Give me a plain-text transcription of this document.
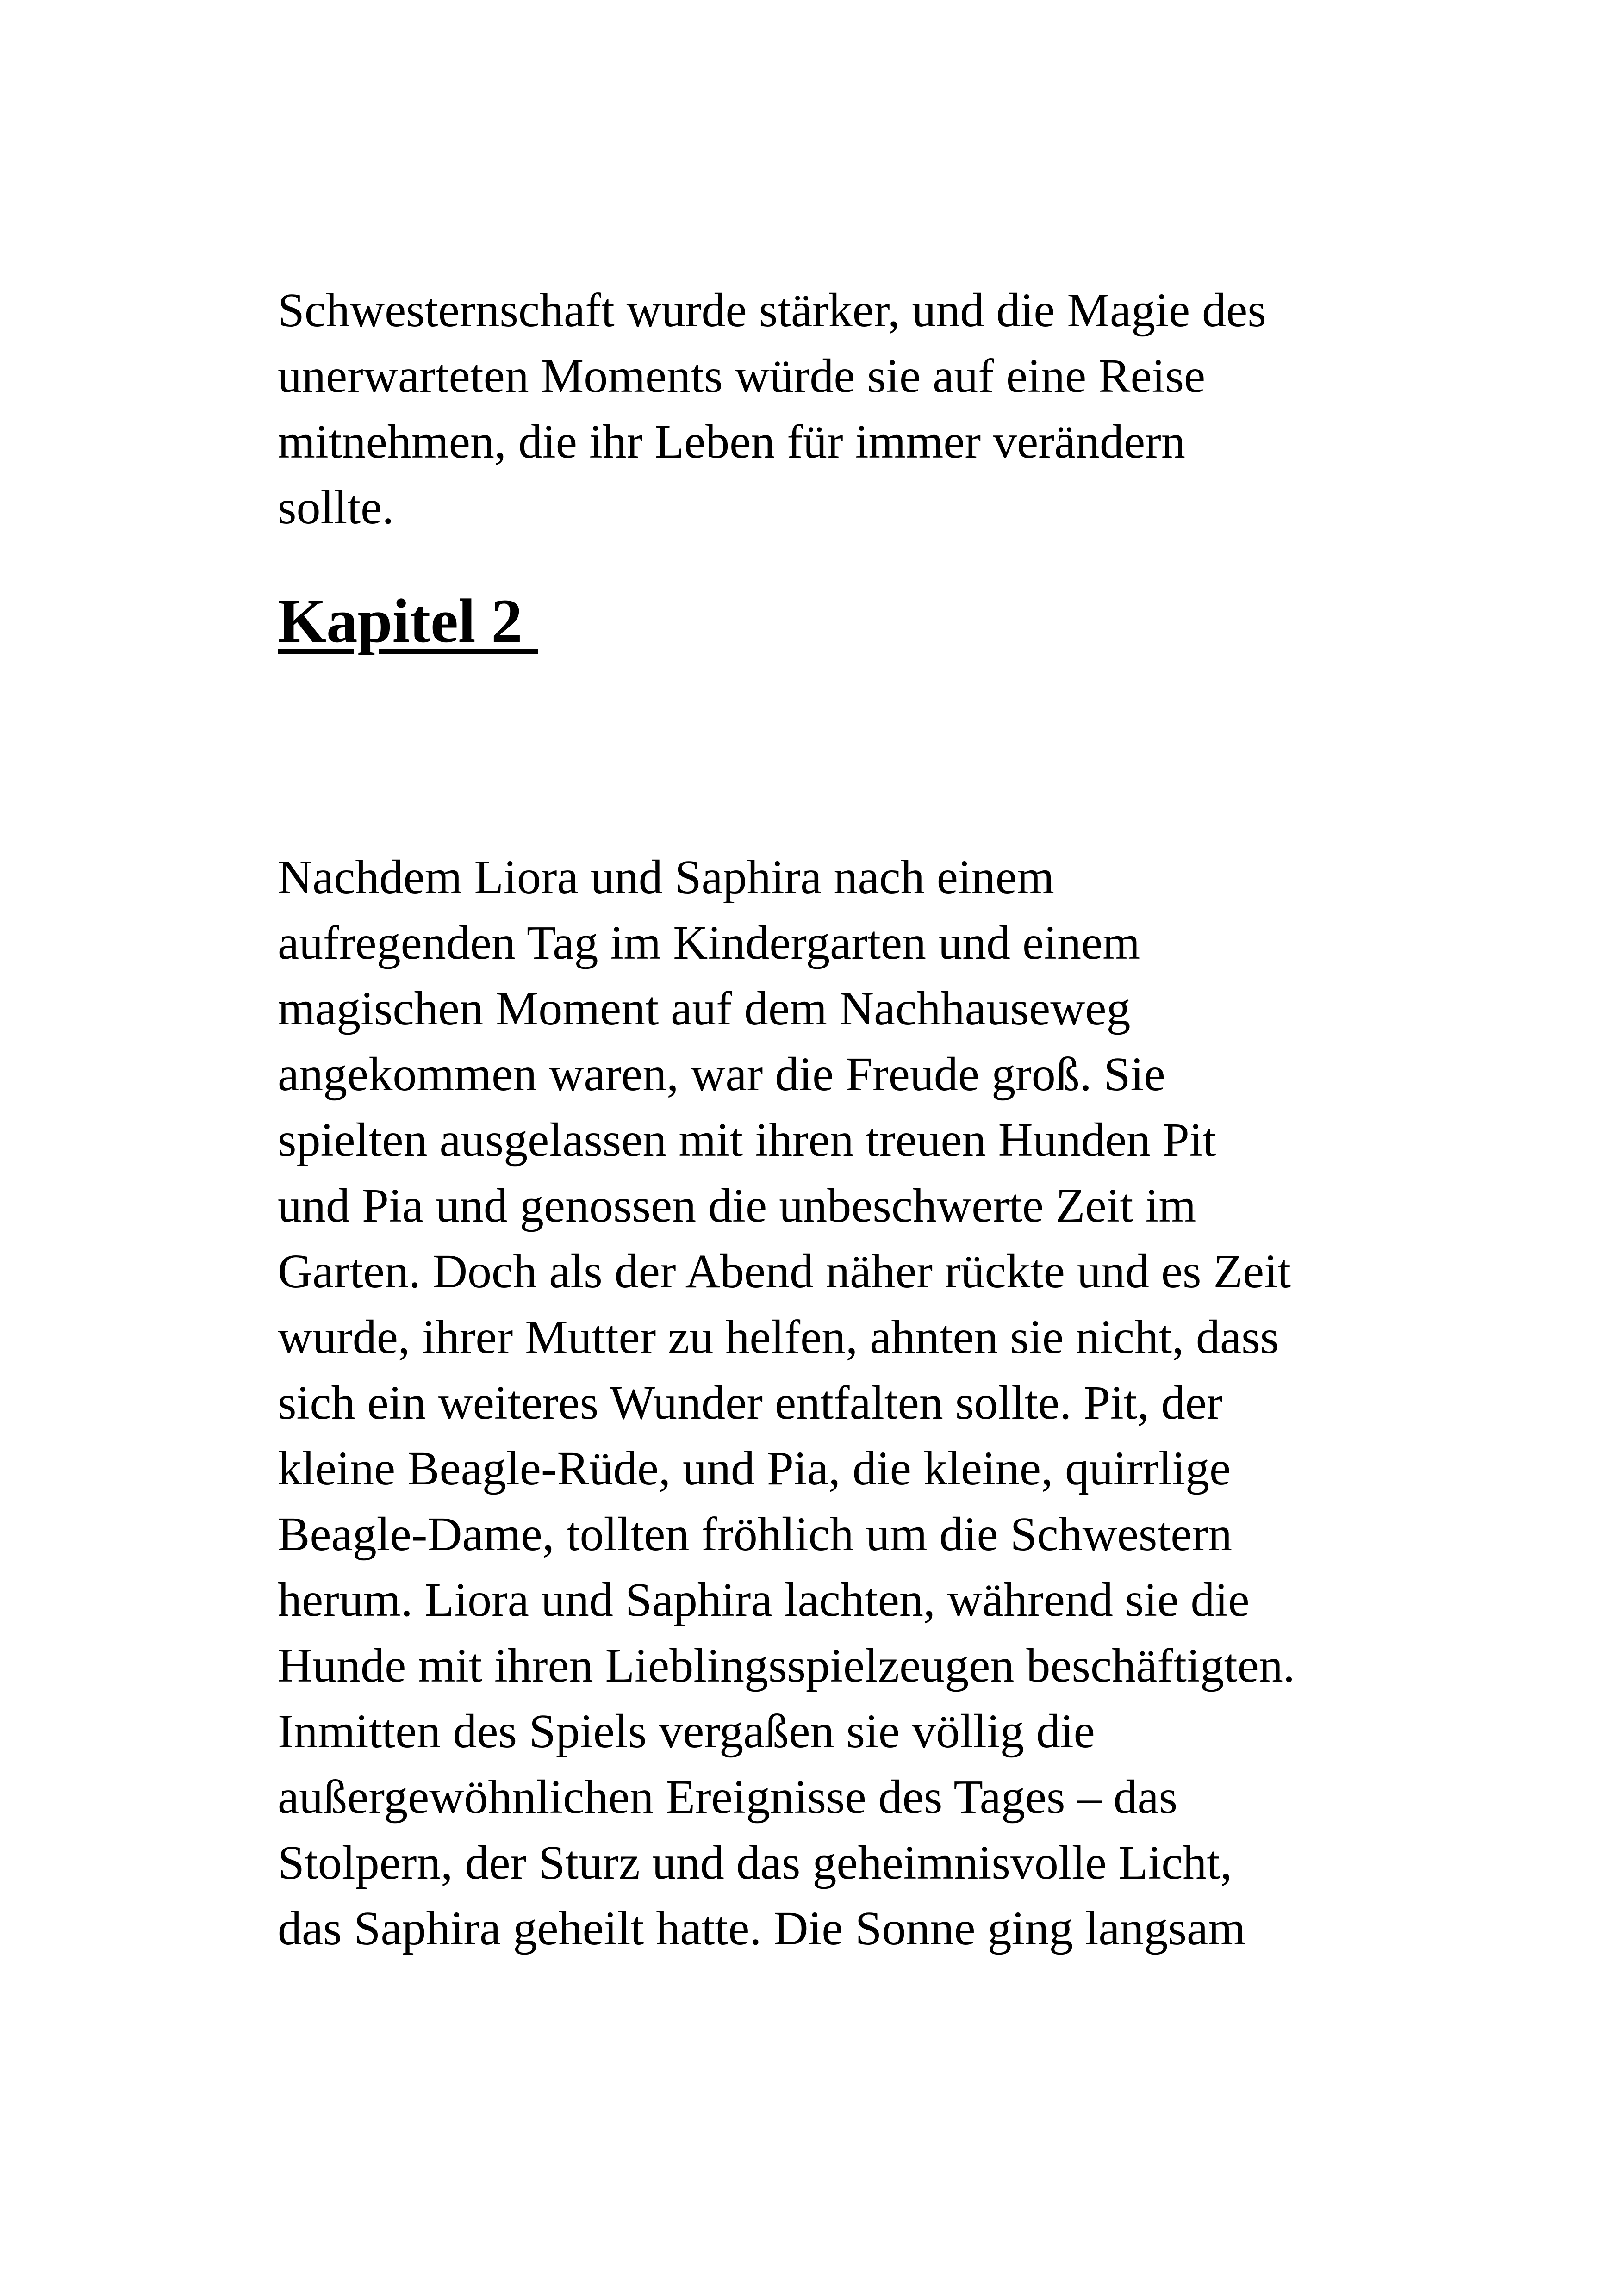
Schwesternschaft wurde stärker, und die Magie des
unerwarteten Moments würde sie auf eine Reise
mitnehmen, die ihr Leben für immer verändern
sollte.

Kapitel 2

Nachdem Liora und Saphira nach einem
aufregenden Tag im Kindergarten und einem
magischen Moment auf dem Nachhauseweg
angekommen waren, war die Freude groß. Sie
spielten ausgelassen mit ihren treuen Hunden Pit
und Pia und genossen die unbeschwerte Zeit im
Garten. Doch als der Abend näher rückte und es Zeit
wurde, ihrer Mutter zu helfen, ahnten sie nicht, dass
sich ein weiteres Wunder entfalten sollte. Pit, der
kleine Beagle-Rüde, und Pia, die kleine, quirrlige
Beagle-Dame, tollten fröhlich um die Schwestern
herum. Liora und Saphira lachten, während sie die
Hunde mit ihren Lieblingsspielzeugen beschäftigten.
Inmitten des Spiels vergaßen sie völlig die
außergewöhnlichen Ereignisse des Tages – das
Stolpern, der Sturz und das geheimnisvolle Licht,
das Saphira geheilt hatte. Die Sonne ging langsam
